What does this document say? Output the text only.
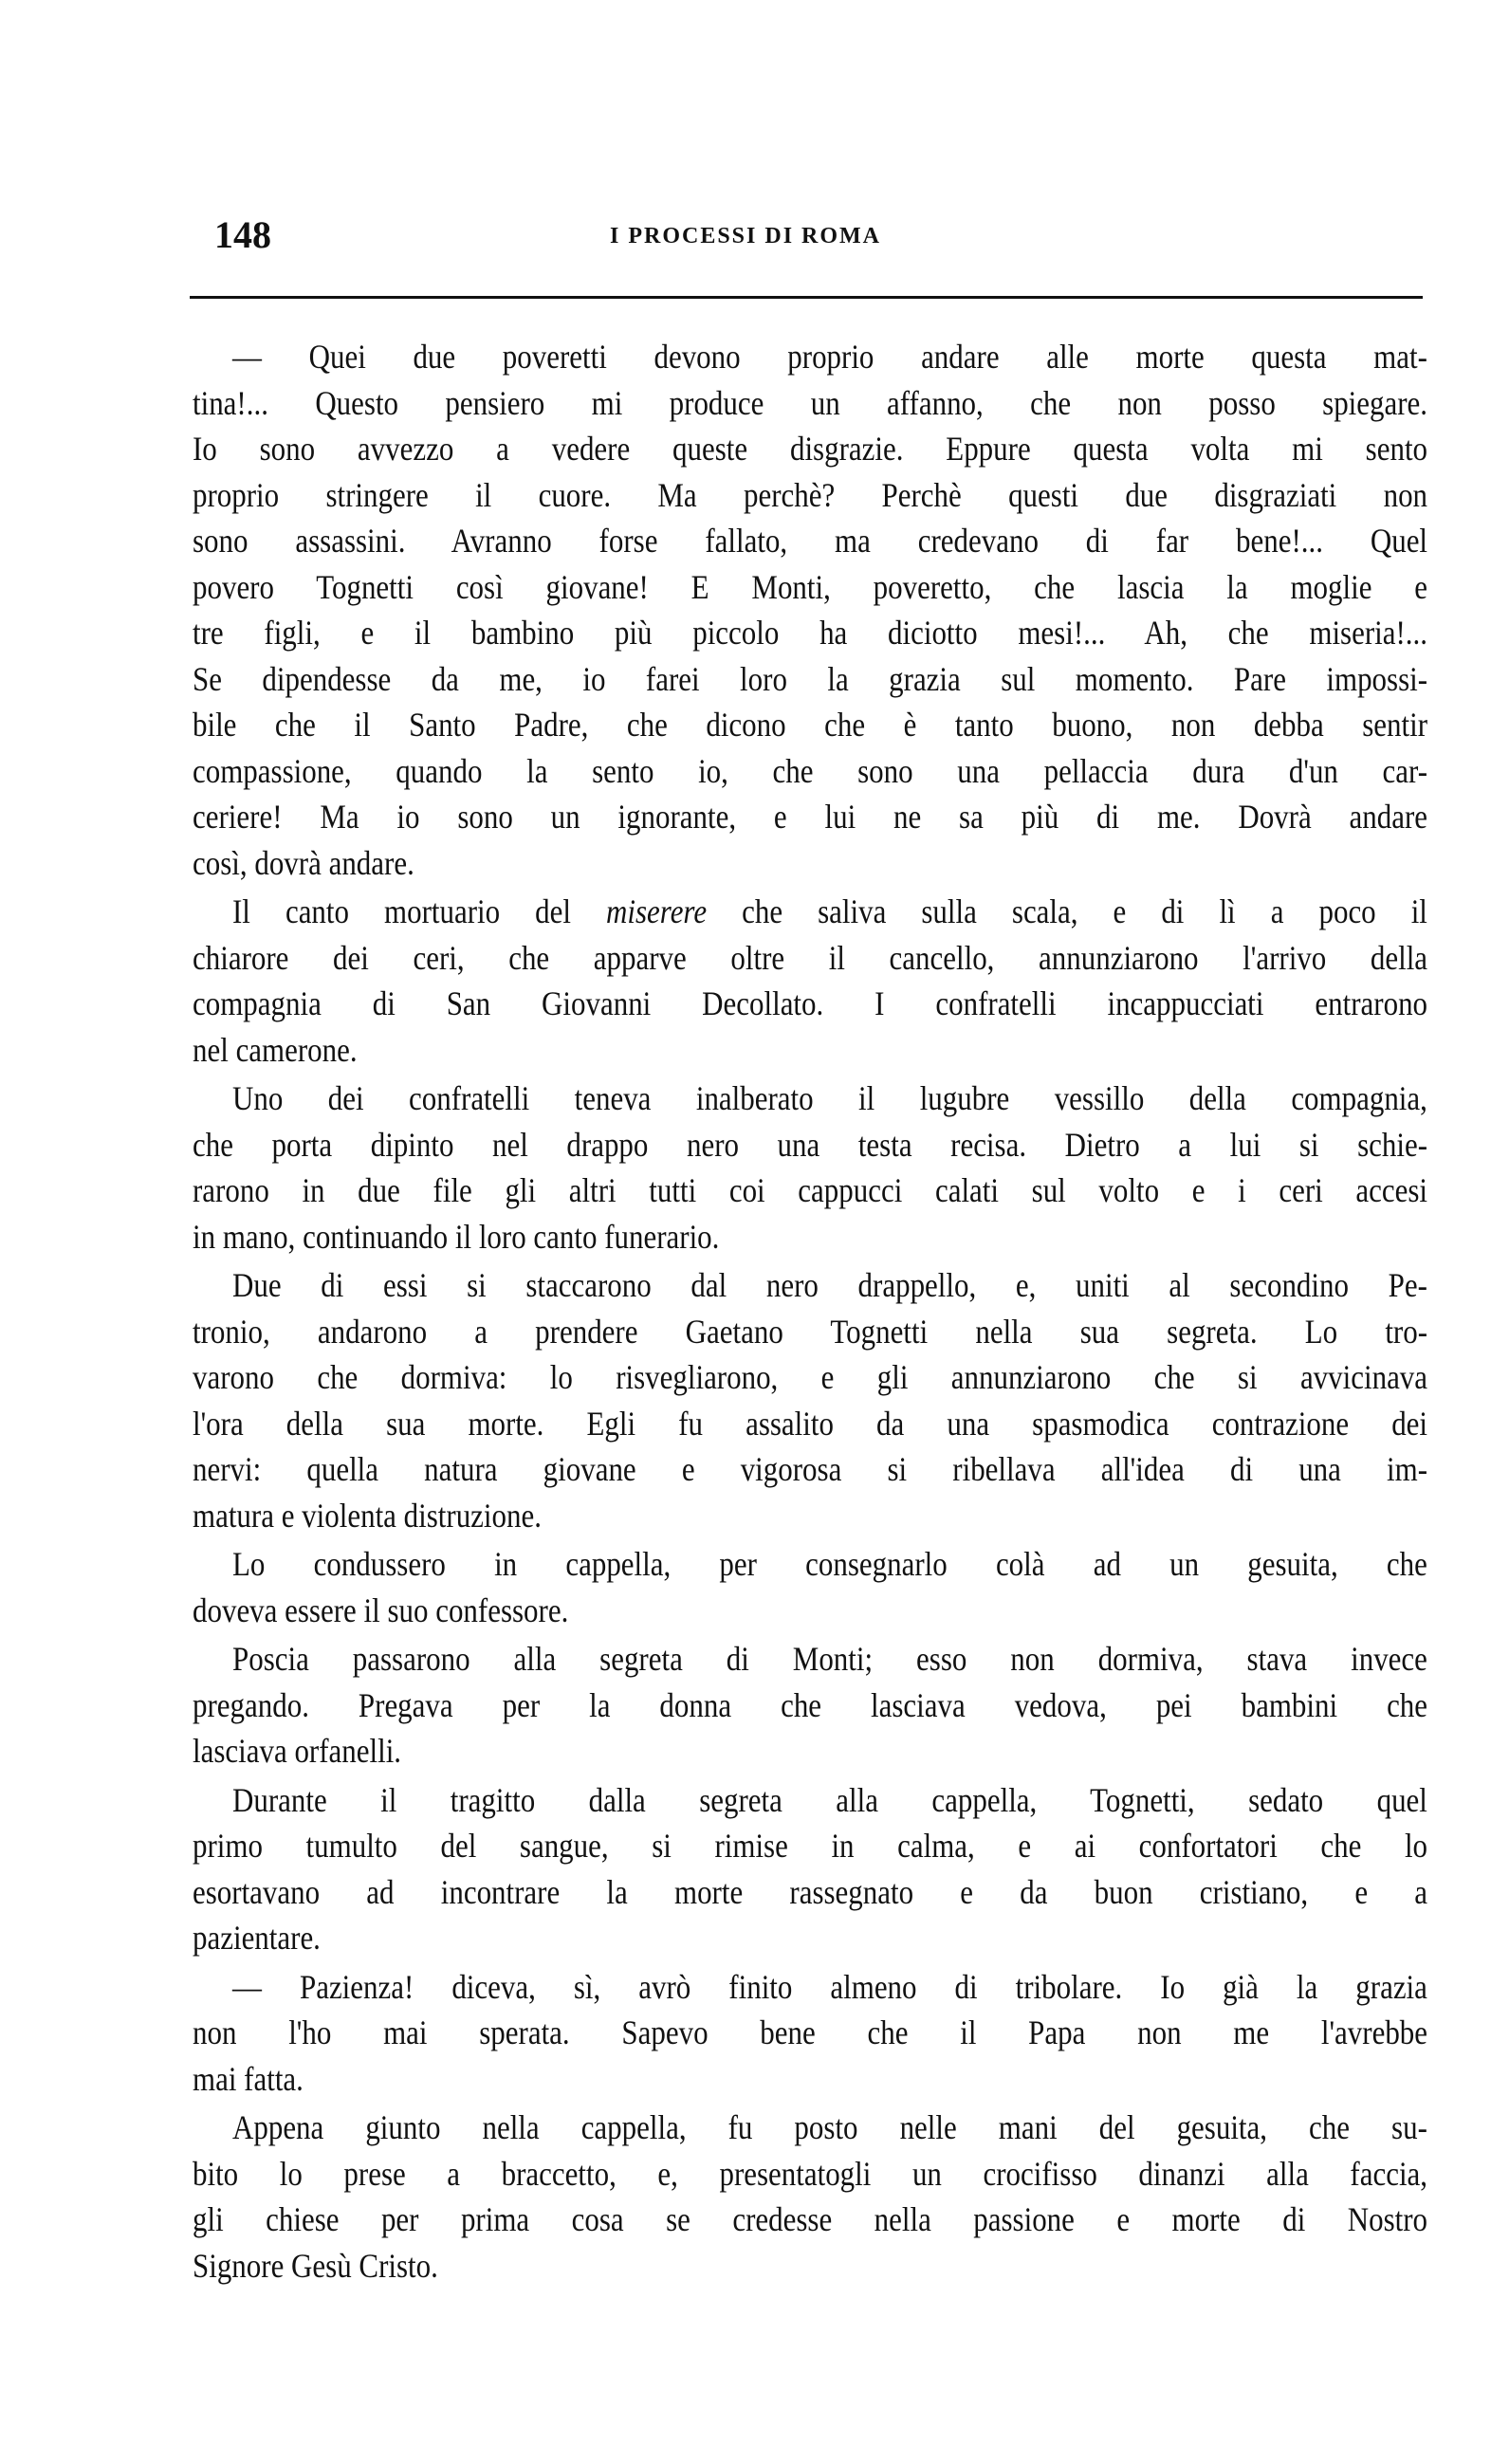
148	I PROCESSI DI ROMA
— Quei due poveretti devono proprio andare alle morte questa mat-
tina!... Questo pensiero mi produce un affanno, che non posso spiegare.
Io sono avvezzo a vedere queste disgrazie. Eppure questa volta mi sento
proprio stringere il cuore. Ma perchè? Perchè questi due disgraziati non
sono assassini. Avranno forse fallato, ma credevano di far bene!... Quel
povero Tognetti così giovane! E Monti, poveretto, che lascia la moglie e
tre figli, e il bambino più piccolo ha diciotto mesi!... Ah, che miseria!...
Se dipendesse da me, io farei loro la grazia sul momento. Pare impossi-
bile che il Santo Padre, che dicono che è tanto buono, non debba sentir
compassione, quando la sento io, che sono una pellaccia dura d'un car-
ceriere! Ma io sono un ignorante, e lui ne sa più di me. Dovrà andare
così, dovrà andare.
Il canto mortuario del miserere che saliva sulla scala, e di lì a poco il
chiarore dei ceri, che apparve oltre il cancello, annunziarono l'arrivo della
compagnia di San Giovanni Decollato. I confratelli incappucciati entrarono
nel camerone.
Uno dei confratelli teneva inalberato il lugubre vessillo della compagnia,
che porta dipinto nel drappo nero una testa recisa. Dietro a lui si schie-
rarono in due file gli altri tutti coi cappucci calati sul volto e i ceri accesi
in mano, continuando il loro canto funerario.
Due di essi si staccarono dal nero drappello, e, uniti al secondino Pe-
tronio, andarono a prendere Gaetano Tognetti nella sua segreta. Lo tro-
varono che dormiva: lo risvegliarono, e gli annunziarono che si avvicinava
l'ora della sua morte. Egli fu assalito da una spasmodica contrazione dei
nervi: quella natura giovane e vigorosa si ribellava all'idea di una im-
matura e violenta distruzione.
Lo condussero in cappella, per consegnarlo colà ad un gesuita, che
doveva essere il suo confessore.
Poscia passarono alla segreta di Monti; esso non dormiva, stava invece
pregando. Pregava per la donna che lasciava vedova, pei bambini che
lasciava orfanelli.
Durante il tragitto dalla segreta alla cappella, Tognetti, sedato quel
primo tumulto del sangue, si rimise in calma, e ai confortatori che lo
esortavano ad incontrare la morte rassegnato e da buon cristiano, e a
pazientare.
— Pazienza! diceva, sì, avrò finito almeno di tribolare. Io già la grazia
non l'ho mai sperata. Sapevo bene che il Papa non me l'avrebbe
mai fatta.
Appena giunto nella cappella, fu posto nelle mani del gesuita, che su-
bito lo prese a braccetto, e, presentatogli un crocifisso dinanzi alla faccia,
gli chiese per prima cosa se credesse nella passione e morte di Nostro
Signore Gesù Cristo.
